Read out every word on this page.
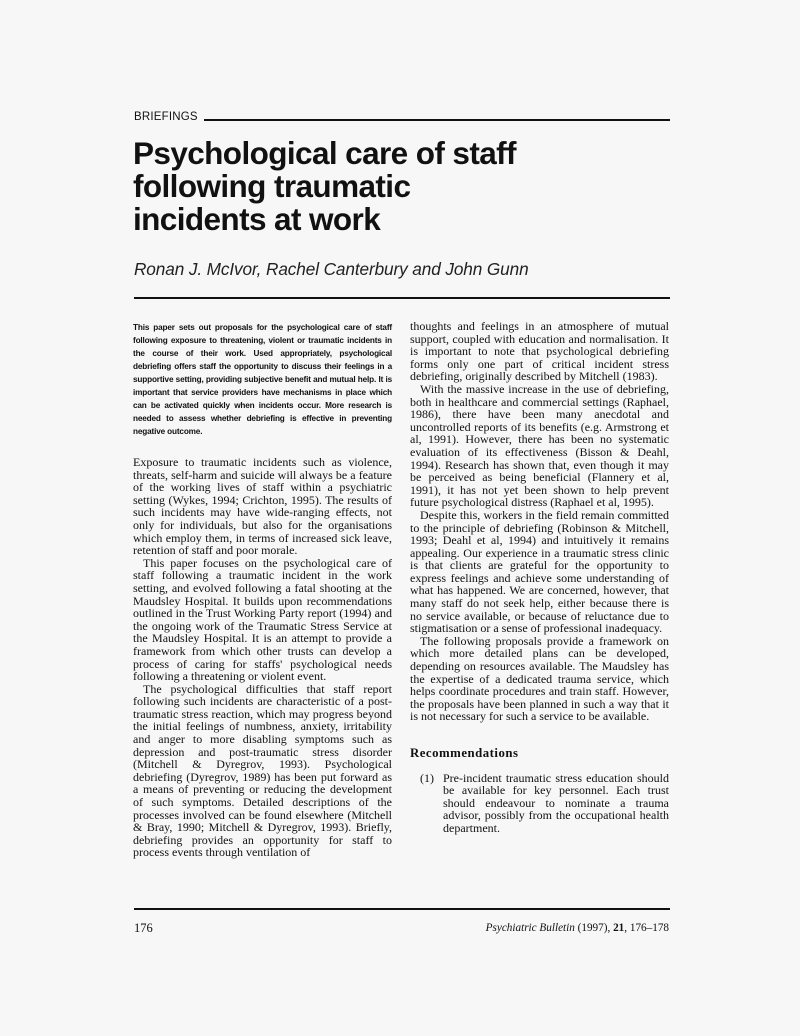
BRIEFINGS
Psychological care of staff
following traumatic
incidents at work
Ronan J. McIvor, Rachel Canterbury and John Gunn

This paper sets out proposals for the psychological care of staff following exposure to threatening, violent or traumatic incidents in the course of their work. Used appropriately, psychological debriefing offers staff the opportunity to discuss their feelings in a supportive setting, providing subjective benefit and mutual help. It is important that service providers have mechanisms in place which can be activated quickly when incidents occur. More research is needed to assess whether debriefing is effective in preventing negative outcome.

Exposure to traumatic incidents such as violence, threats, self-harm and suicide will always be a feature of the working lives of staff within a psychiatric setting (Wykes, 1994; Crichton, 1995). The results of such incidents may have wide-ranging effects, not only for individuals, but also for the organisations which employ them, in terms of increased sick leave, retention of staff and poor morale.

This paper focuses on the psychological care of staff following a traumatic incident in the work setting, and evolved following a fatal shooting at the Maudsley Hospital. It builds upon recommendations outlined in the Trust Working Party report (1994) and the ongoing work of the Traumatic Stress Service at the Maudsley Hospital. It is an attempt to provide a framework from which other trusts can develop a process of caring for staffs' psychological needs following a threatening or violent event.

The psychological difficulties that staff report following such incidents are characteristic of a post-traumatic stress reaction, which may progress beyond the initial feelings of numbness, anxiety, irritability and anger to more disabling symptoms such as depression and post-traumatic stress disorder (Mitchell & Dyregrov, 1993). Psychological debriefing (Dyregrov, 1989) has been put forward as a means of preventing or reducing the development of such symptoms. Detailed descriptions of the processes involved can be found elsewhere (Mitchell & Bray, 1990; Mitchell & Dyregrov, 1993). Briefly, debriefing provides an opportunity for staff to process events through ventilation of

thoughts and feelings in an atmosphere of mutual support, coupled with education and normalisation. It is important to note that psychological debriefing forms only one part of critical incident stress debriefing, originally described by Mitchell (1983).

With the massive increase in the use of debriefing, both in healthcare and commercial settings (Raphael, 1986), there have been many anecdotal and uncontrolled reports of its benefits (e.g. Armstrong et al, 1991). However, there has been no systematic evaluation of its effectiveness (Bisson & Deahl, 1994). Research has shown that, even though it may be perceived as being beneficial (Flannery et al, 1991), it has not yet been shown to help prevent future psychological distress (Raphael et al, 1995).

Despite this, workers in the field remain committed to the principle of debriefing (Robinson & Mitchell, 1993; Deahl et al, 1994) and intuitively it remains appealing. Our experience in a traumatic stress clinic is that clients are grateful for the opportunity to express feelings and achieve some understanding of what has happened. We are concerned, however, that many staff do not seek help, either because there is no service available, or because of reluctance due to stigmatisation or a sense of professional inadequacy.

The following proposals provide a framework on which more detailed plans can be developed, depending on resources available. The Maudsley has the expertise of a dedicated trauma service, which helps coordinate procedures and train staff. However, the proposals have been planned in such a way that it is not necessary for such a service to be available.

Recommendations
(1) Pre-incident traumatic stress education should be available for key personnel. Each trust should endeavour to nominate a trauma advisor, possibly from the occupational health department.
176	Psychiatric Bulletin (1997), 21, 176–178
